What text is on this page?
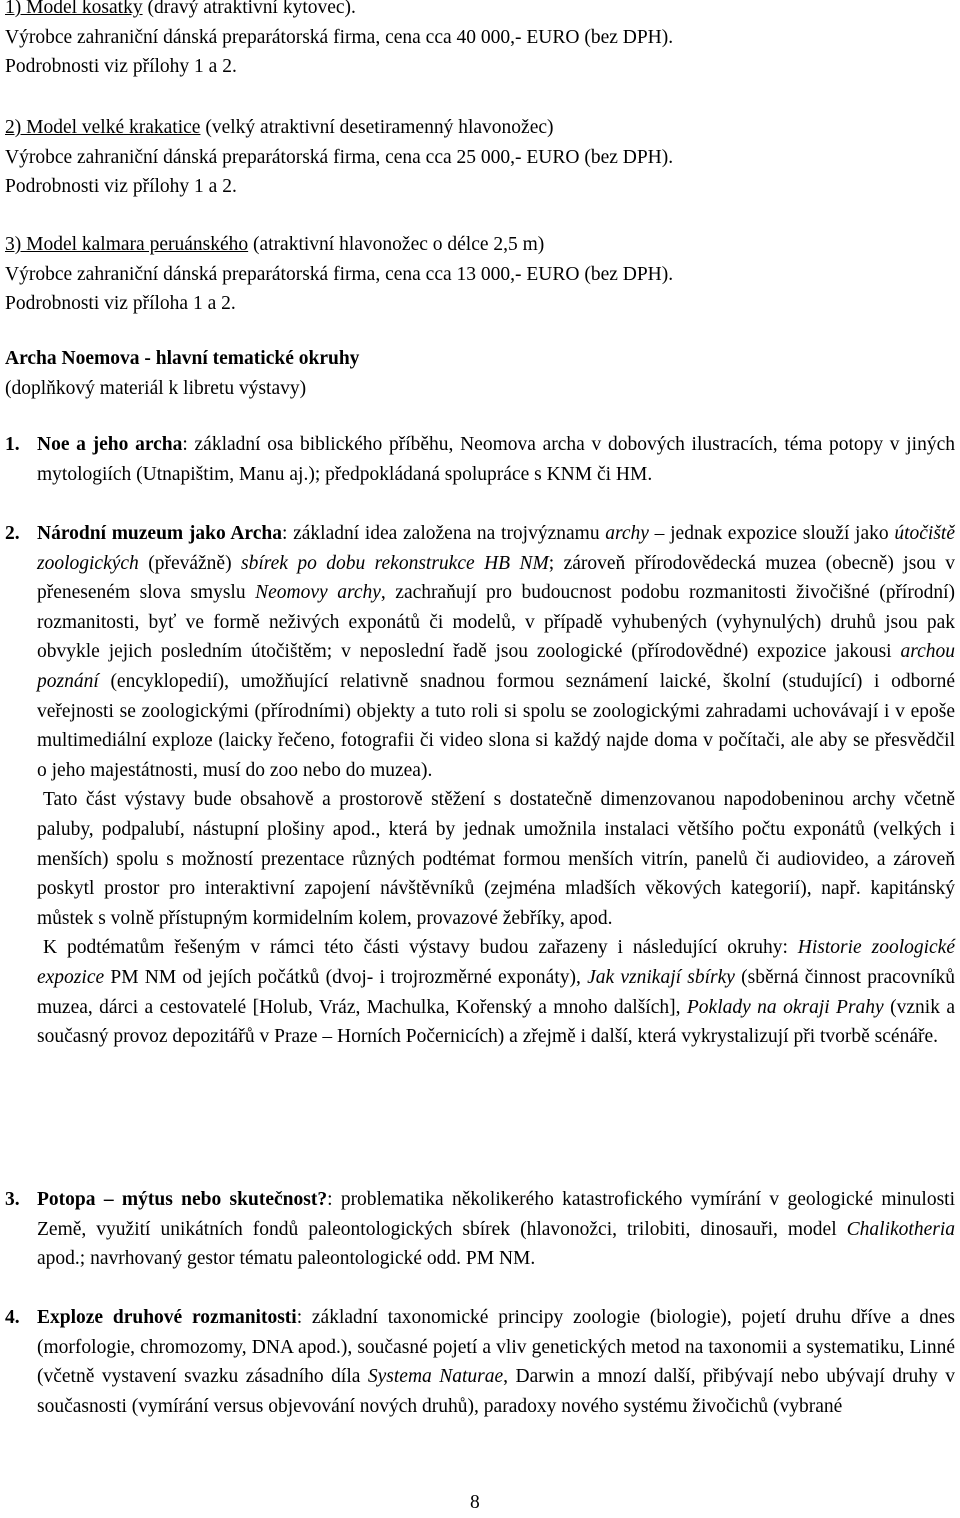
1) Model kosatky (dravý atraktivní kytovec).
Výrobce zahraniční dánská preparátorská firma, cena cca 40 000,- EURO (bez DPH).
Podrobnosti viz přílohy 1 a 2.
2) Model velké krakatice (velký atraktivní desetiramenný hlavonožec)
Výrobce zahraniční dánská preparátorská firma, cena cca 25 000,- EURO (bez DPH).
Podrobnosti viz přílohy 1 a 2.
3) Model kalmara peruánského (atraktivní hlavonožec o délce 2,5 m)
Výrobce zahraniční dánská preparátorská firma, cena cca 13 000,- EURO (bez DPH).
Podrobnosti viz příloha 1 a 2.
Archa Noemova - hlavní tematické okruhy
(doplňkový materiál k libretu výstavy)
1. Noe a jeho archa: základní osa biblického příběhu, Neomova archa v dobových ilustracích, téma potopy v jiných mytologiích (Utnapištim, Manu aj.); předpokládaná spolupráce s KNM či HM.
2. Národní muzeum jako Archa: základní idea založena na trojvýznamu archy – jednak expozice slouží jako útočiště zoologických (převážně) sbírek po dobu rekonstrukce HB NM; zároveň přírodovědecká muzea (obecně) jsou v přeneseném slova smyslu Neomovy archy, zachraňují pro budoucnost podobu rozmanitosti živočišné (přírodní) rozmanitosti, byť ve formě neživých exponátů či modelů, v případě vyhubených (vyhynulých) druhů jsou pak obvykle jejich posledním útočištěm; v neposlední řadě jsou zoologické (přírodovědné) expozice jakousi archou poznání (encyklopedií), umožňující relativně snadnou formou seznámení laické, školní (studující) i odborné veřejnosti se zoologickými (přírodními) objekty a tuto roli si spolu se zoologickými zahradami uchovávají i v epoše multimediální exploze (laicky řečeno, fotografii či video slona si každý najde doma v počítači, ale aby se přesvědčil o jeho majestátnosti, musí do zoo nebo do muzea).
Tato část výstavy bude obsahově a prostorově stěžení s dostatečně dimenzovanou napodobeninou archy včetně paluby, podpalubí, nástupní plošiny apod., která by jednak umožnila instalaci většího počtu exponátů (velkých i menších) spolu s možností prezentace různých podtémat formou menších vitrín, panelů či audiovideo, a zároveň poskytl prostor pro interaktivní zapojení návštěvníků (zejména mladších věkových kategorií), např. kapitánský můstek s volně přístupným kormidelním kolem, provazové žebříky, apod.
K podtématům řešeným v rámci této části výstavy budou zařazeny i následující okruhy: Historie zoologické expozice PM NM od jejích počátků (dvoj- i trojrozměrné exponáty), Jak vznikají sbírky (sběrná činnost pracovníků muzea, dárci a cestovatelé [Holub, Vráz, Machulka, Kořenský a mnoho dalších], Poklady na okraji Prahy (vznik a současný provoz depozitářů v Praze – Horních Počernicích) a zřejmě i další, která vykrystalizují při tvorbě scénáře.
3. Potopa – mýtus nebo skutečnost?: problematika několikerého katastrofického vymírání v geologické minulosti Země, využití unikátních fondů paleontologických sbírek (hlavonožci, trilobiti, dinosauři, model Chalikotheria apod.; navrhovaný gestor tématu paleontologické odd. PM NM.
4. Exploze druhové rozmanitosti: základní taxonomické principy zoologie (biologie), pojetí druhu dříve a dnes (morfologie, chromozomy, DNA apod.), současné pojetí a vliv genetických metod na taxonomii a systematiku, Linné (včetně vystavení svazku zásadního díla Systema Naturae, Darwin a mnozí další, přibývají nebo ubývají druhy v současnosti (vymírání versus objevování nových druhů), paradoxy nového systému živočichů (vybrané
8
